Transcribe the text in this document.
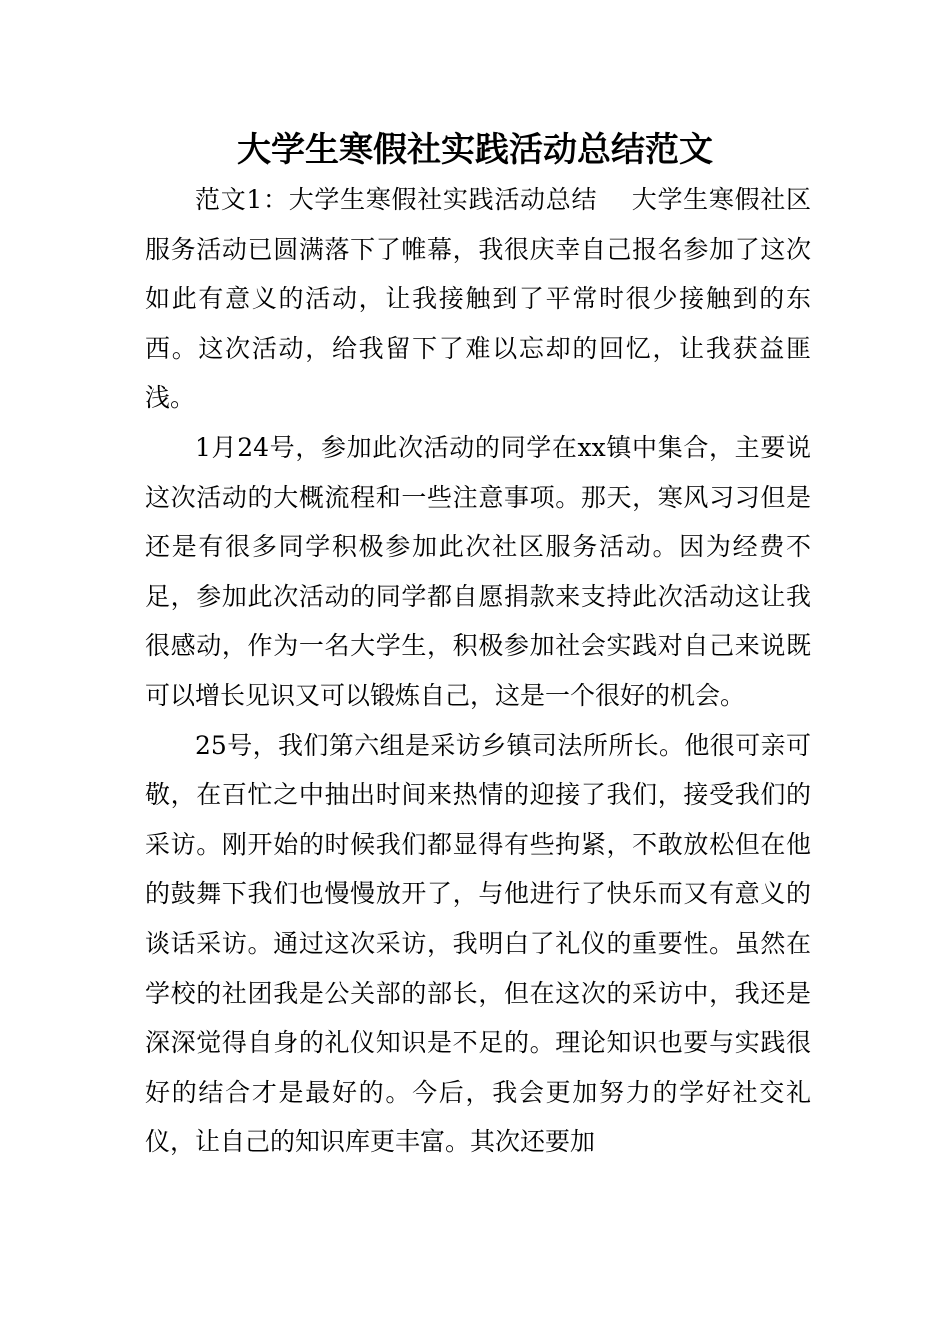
大学生寒假社实践活动总结范文

范文1：大学生寒假社实践活动总结 大学生寒假社区服务活动已圆满落下了帷幕，我很庆幸自己报名参加了这次如此有意义的活动，让我接触到了平常时很少接触到的东西。这次活动，给我留下了难以忘却的回忆，让我获益匪浅。

1月24号，参加此次活动的同学在xx镇中集合，主要说这次活动的大概流程和一些注意事项。那天，寒风习习但是还是有很多同学积极参加此次社区服务活动。因为经费不足，参加此次活动的同学都自愿捐款来支持此次活动这让我很感动，作为一名大学生，积极参加社会实践对自己来说既可以增长见识又可以锻炼自己，这是一个很好的机会。

25号，我们第六组是采访乡镇司法所所长。他很可亲可敬，在百忙之中抽出时间来热情的迎接了我们，接受我们的采访。刚开始的时候我们都显得有些拘紧，不敢放松但在他的鼓舞下我们也慢慢放开了，与他进行了快乐而又有意义的谈话采访。通过这次采访，我明白了礼仪的重要性。虽然在学校的社团我是公关部的部长，但在这次的采访中，我还是深深觉得自身的礼仪知识是不足的。理论知识也要与实践很好的结合才是最好的。今后，我会更加努力的学好社交礼仪，让自己的知识库更丰富。其次还要加
